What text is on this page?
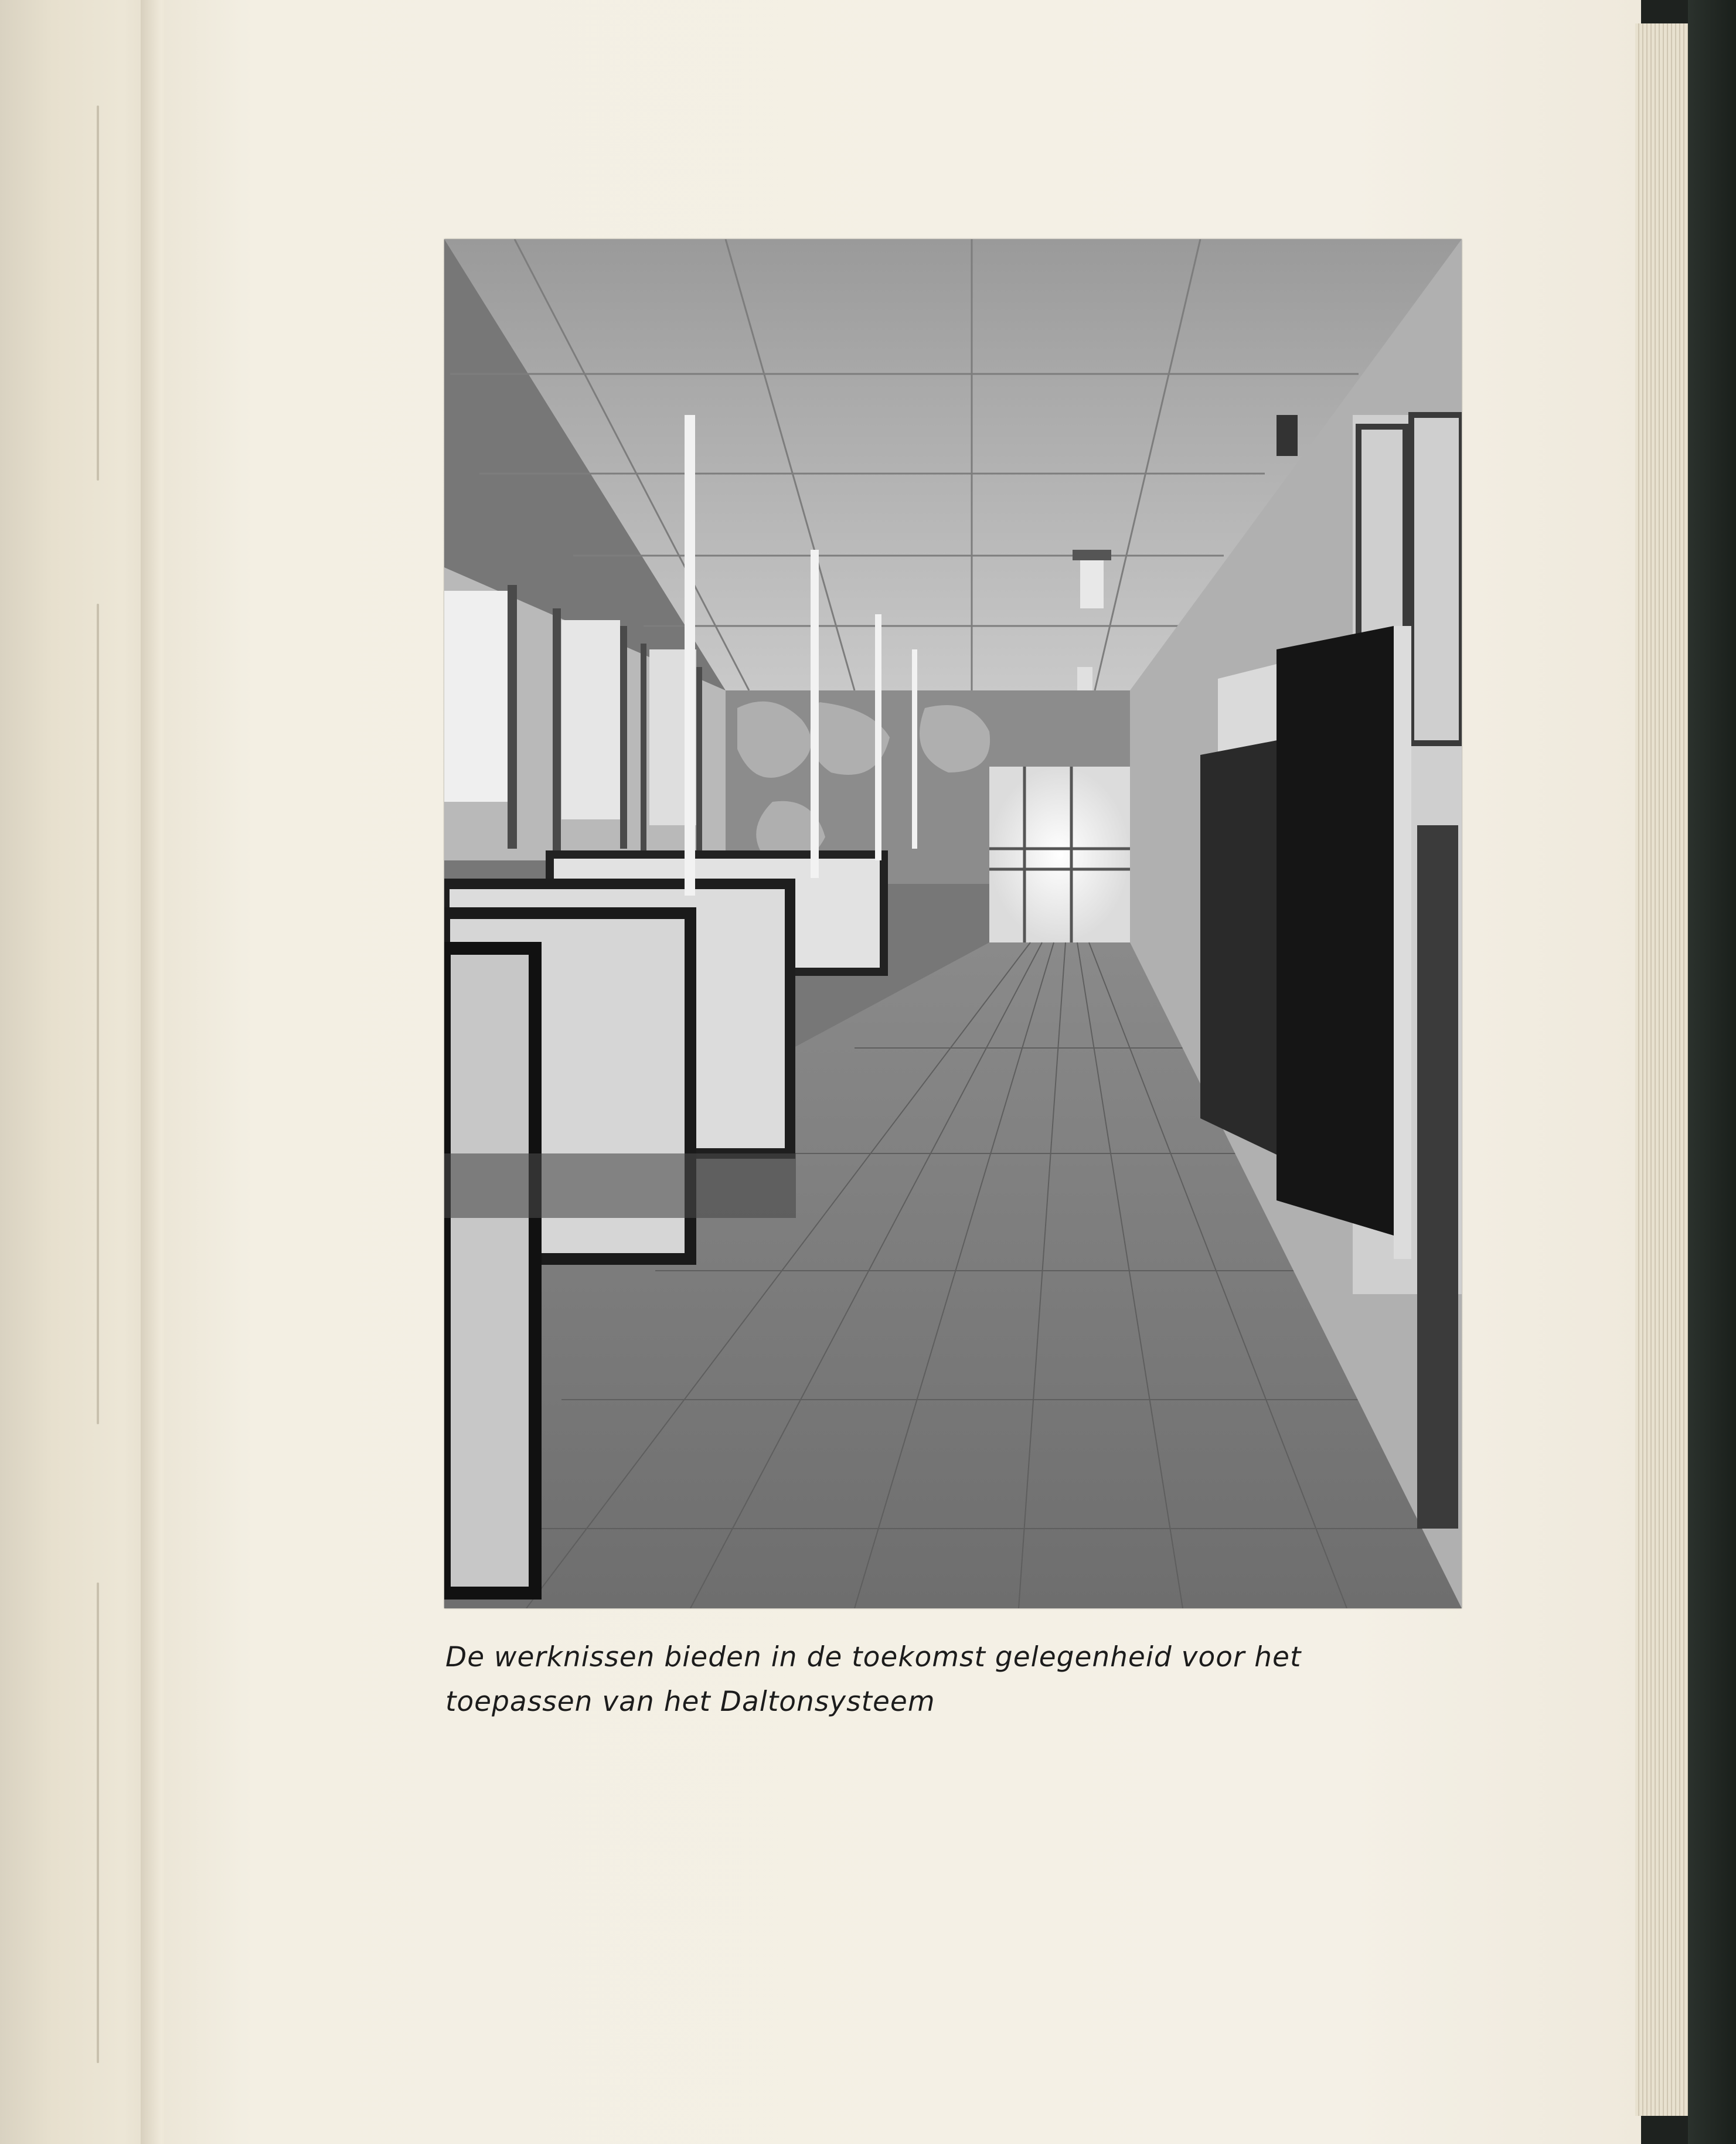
De werknissen bieden in de toekomst gelegenheid voor het
toepassen van het Daltonsysteem
